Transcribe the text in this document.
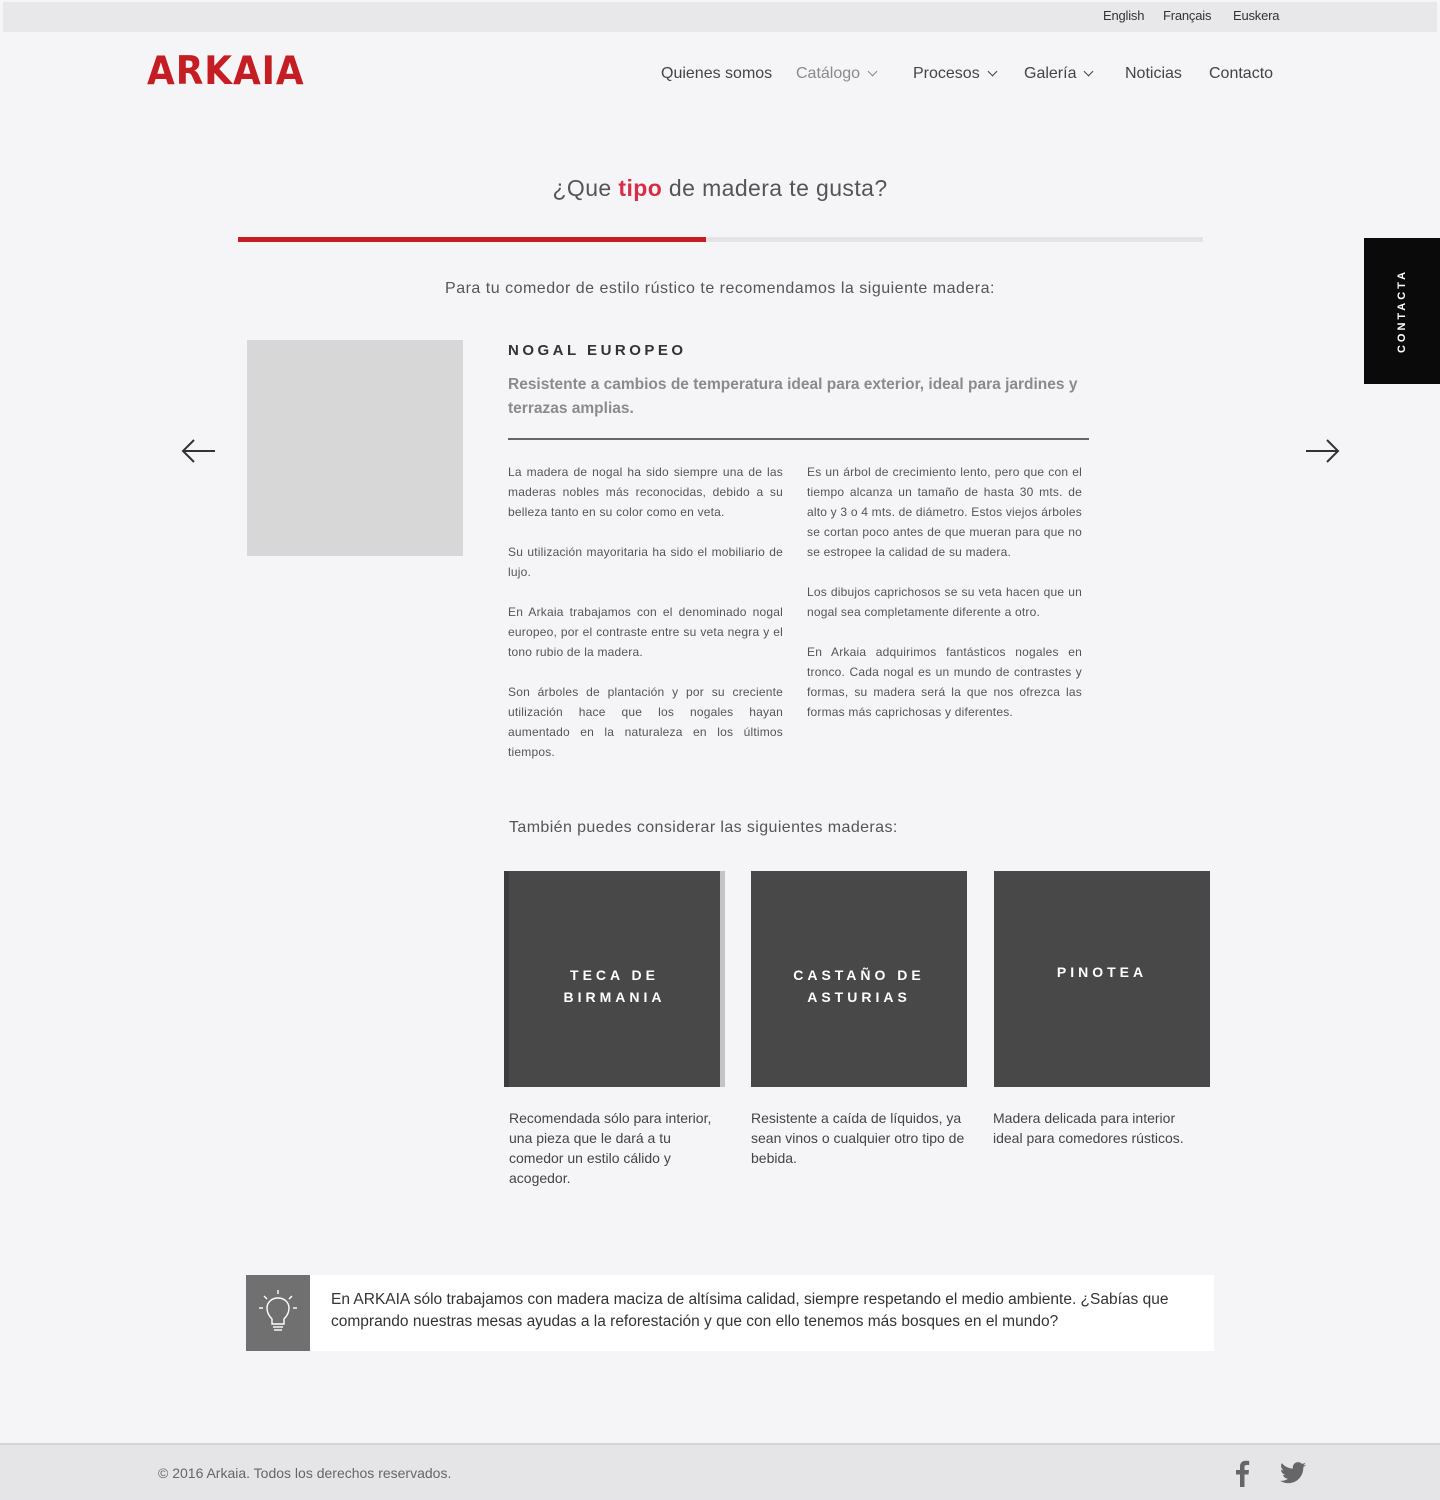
English Français Euskera
ARKAIA	Quienes somos Catálogo	Procesos	Galería	Noticias Contacto
¿Que tipo de madera te gusta?
Para tu comedor de estilo rústico te recomendamos la siguiente madera:
NOGAL EUROPEO
Resistente a cambios de temperatura ideal para exterior, ideal para jardines y terrazas amplias.

La madera de nogal ha sido siempre una de las maderas nobles más reconocidas, debido a su belleza tanto en su color como en veta.

Su utilización mayoritaria ha sido el mobiliario de lujo.

En Arkaia trabajamos con el denominado nogal europeo, por el contraste entre su veta negra y el tono rubio de la madera.

Son árboles de plantación y por su creciente utilización hace que los nogales hayan aumentado en la naturaleza en los últimos tiempos.

Es un árbol de crecimiento lento, pero que con el tiempo alcanza un tamaño de hasta 30 mts. de alto y 3 o 4 mts. de diámetro. Estos viejos árboles se cortan poco antes de que mueran para que no se estropee la calidad de su madera.

Los dibujos caprichosos se su veta hacen que un nogal sea completamente diferente a otro.

En Arkaia adquirimos fantásticos nogales en tronco. Cada nogal es un mundo de contrastes y formas, su madera será la que nos ofrezca las formas más caprichosas y diferentes.

CONTACTA
También puedes considerar las siguientes maderas:
TECA DE
BIRMANIA
CASTAÑO DE
ASTURIAS
PINOTEA
Recomendada sólo para interior, una pieza que le dará a tu comedor un estilo cálido y acogedor.
Resistente a caída de líquidos, ya sean vinos o cualquier otro tipo de bebida.
Madera delicada para interior ideal para comedores rústicos.
En ARKAIA sólo trabajamos con madera maciza de altísima calidad, siempre respetando el medio ambiente. ¿Sabías que comprando nuestras mesas ayudas a la reforestación y que con ello tenemos más bosques en el mundo?
© 2016 Arkaia. Todos los derechos reservados.
